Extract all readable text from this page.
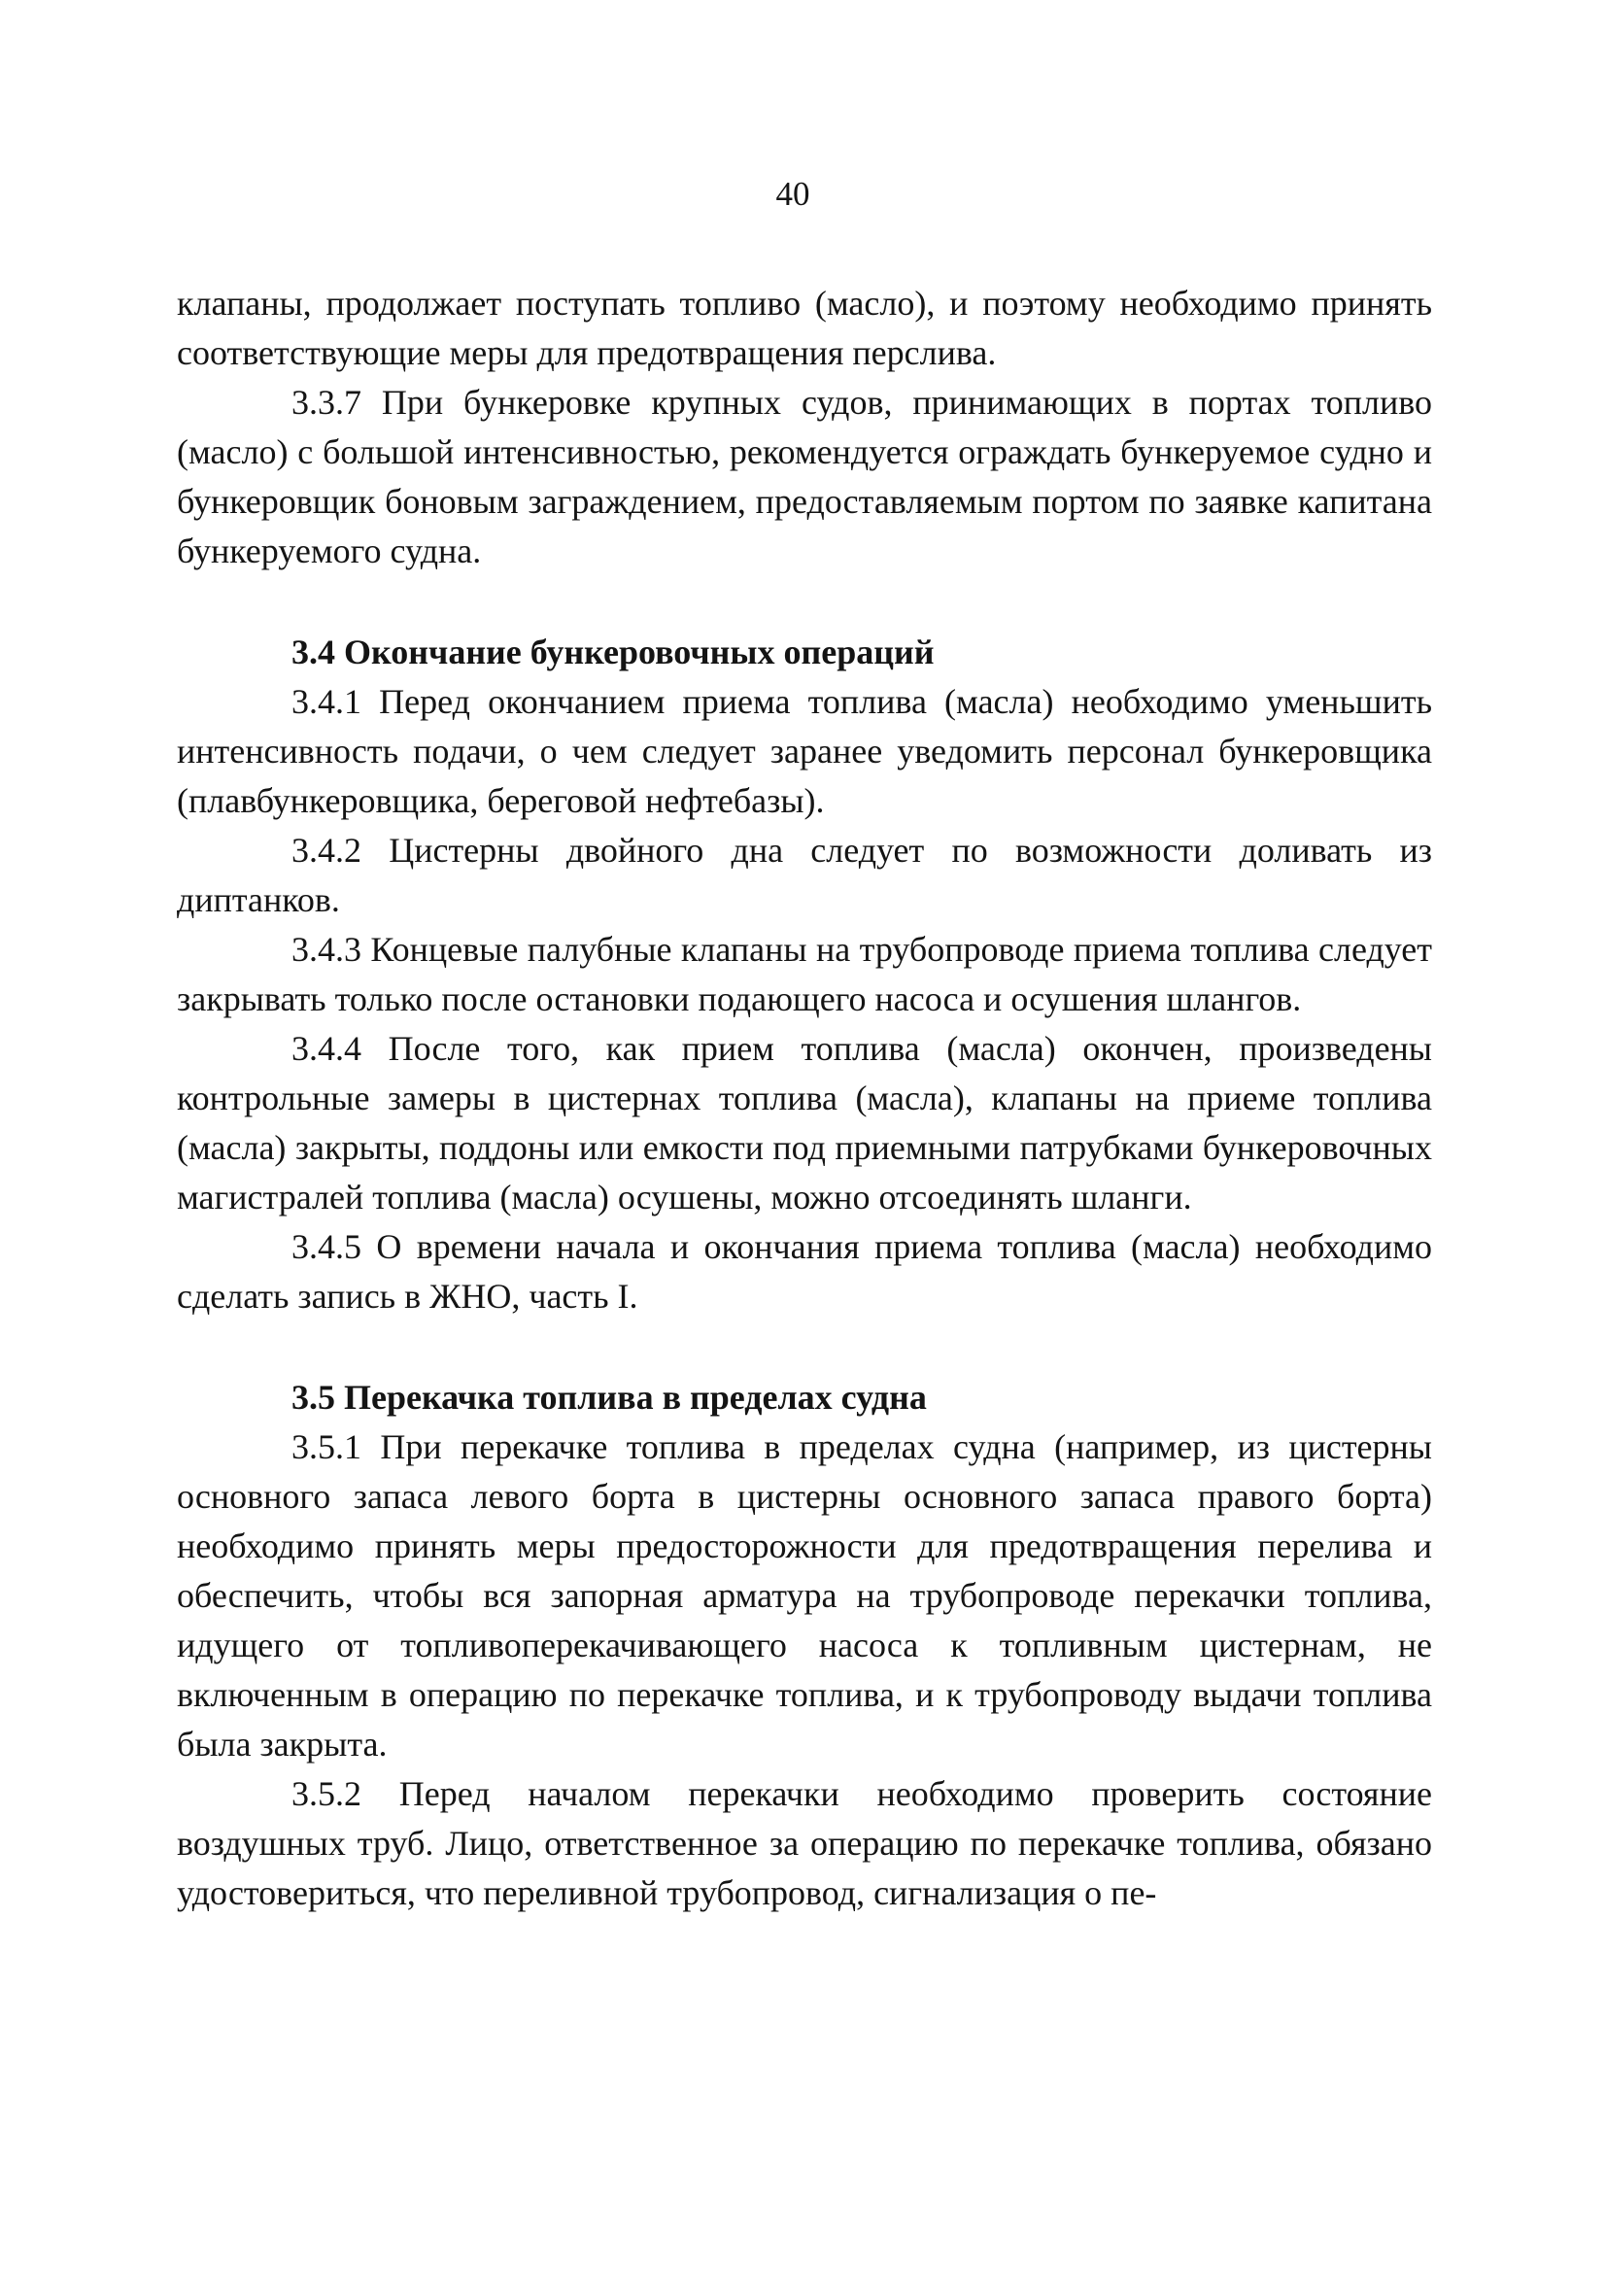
40

клапаны, продолжает поступать топливо (масло), и поэтому необходимо принять соответствующие меры для предотвращения перслива.

3.3.7 При бункеровке крупных судов, принимающих в портах топливо (масло) с большой интенсивностью, рекомендуется ограждать бункеруемое судно и бункеровщик боновым заграждением, предоставляемым портом по заявке капитана бункеруемого судна.

3.4 Окончание бункеровочных операций

3.4.1 Перед окончанием приема топлива (масла) необходимо уменьшить интенсивность подачи, о чем следует заранее уведомить персонал бункеровщика (плавбункеровщика, береговой нефтебазы).

3.4.2 Цистерны двойного дна следует по возможности доливать из диптанков.

3.4.3 Концевые палубные клапаны на трубопроводе приема топлива следует закрывать только после остановки подающего насоса и осушения шлангов.

3.4.4 После того, как прием топлива (масла) окончен, произведены контрольные замеры в цистернах топлива (масла), клапаны на приеме топлива (масла) закрыты, поддоны или емкости под приемными патрубками бункеровочных магистралей топлива (масла) осушены, можно отсоединять шланги.

3.4.5 О времени начала и окончания приема топлива (масла) необходимо сделать запись в ЖНО, часть I.

3.5 Перекачка топлива в пределах судна

3.5.1 При перекачке топлива в пределах судна (например, из цистерны основного запаса левого борта в цистерны основного запаса правого борта) необходимо принять меры предосторожности для предотвращения перелива и обеспечить, чтобы вся запорная арматура на трубопроводе перекачки топлива, идущего от топливоперекачивающего насоса к топливным цистернам, не включенным в операцию по перекачке топлива, и к трубопроводу выдачи топлива была закрыта.

3.5.2 Перед началом перекачки необходимо проверить состояние воздушных труб. Лицо, ответственное за операцию по перекачке топлива, обязано удостовериться, что переливной трубопровод, сигнализация о пе-
